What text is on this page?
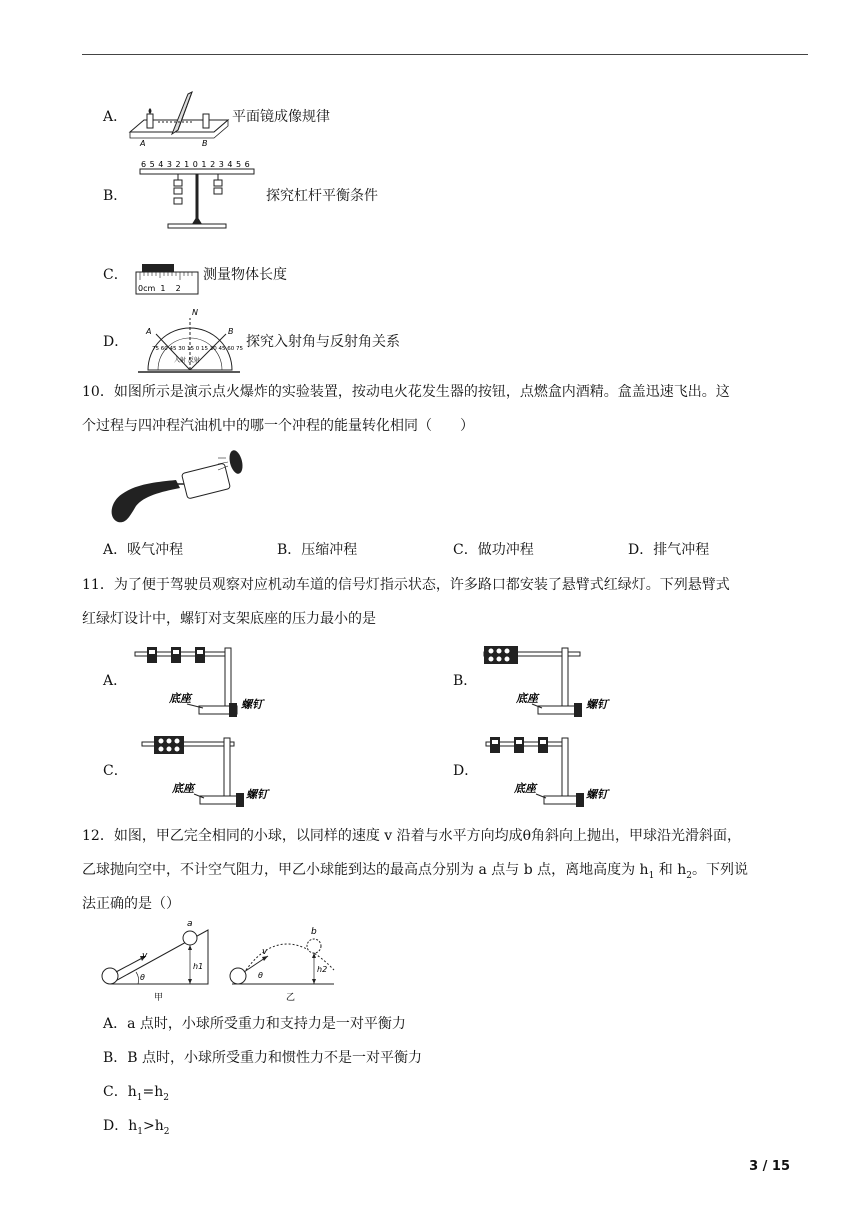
A．
A	B
平面镜成像规律
B．
6 5 4 3 2 1 0 1 2 3 4 5 6
探究杠杆平衡条件
C．
0cm  1    2
测量物体长度
D．
N
A	B
75 60 45 30 15 0 15 30 45 60 75
入射 反射
探究入射角与反射角关系
10．如图所示是演示点火爆炸的实验装置，按动电火花发生器的按钮，点燃盒内酒精。盒盖迅速飞出。这
个过程与四冲程汽油机中的哪一个冲程的能量转化相同（　　）
A．吸气冲程	B．压缩冲程	C．做功冲程	D．排气冲程
11．为了便于驾驶员观察对应机动车道的信号灯指示状态，许多路口都安装了悬臂式红绿灯。下列悬臂式
红绿灯设计中，螺钉对支架底座的压力最小的是
A．
底座	螺钉
B．
底座	螺钉
C．
底座	螺钉
D．
底座	螺钉
12．如图，甲乙完全相同的小球，以同样的速度 v 沿着与水平方向均成θ角斜向上抛出，甲球沿光滑斜面，
乙球抛向空中，不计空气阻力，甲乙小球能到达的最高点分别为 a 点与 b 点，离地高度为 $h_1$ 和 $h_2$。下列说
法正确的是（）
v
θ
a
h1
甲
v
θ
b
h2
乙
A．a 点时，小球所受重力和支持力是一对平衡力
B．B 点时，小球所受重力和惯性力不是一对平衡力
C．$h_1=h_2$
D．$h_1>h_2$
3 / 15
